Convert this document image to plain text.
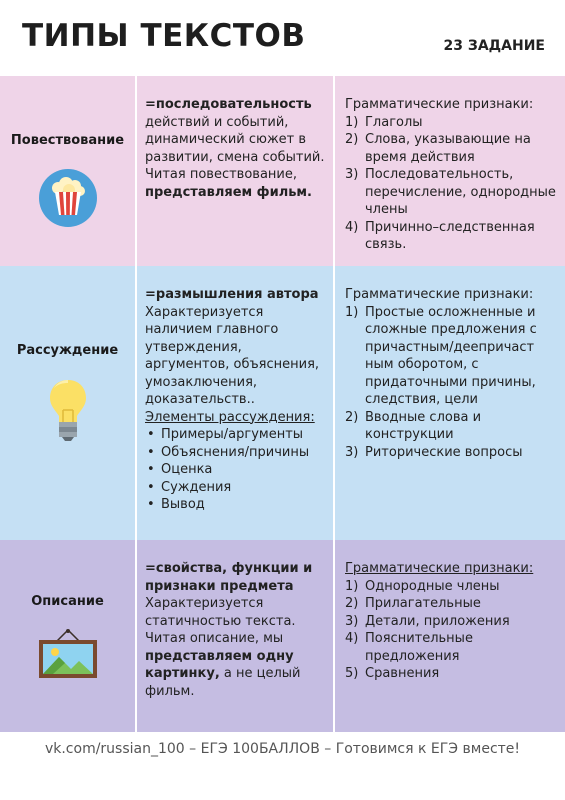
ТИПЫ ТЕКСТОВ	23 ЗАДАНИЕ
Повествование
=последовательность
действий и событий, динамический сюжет в развитии, смена событий. Читая повествование, представляем фильм.
Грамматические признаки:
1) Глаголы
2) Слова, указывающие на время действия
3) Последовательность, перечисление, однородные члены
4) Причинно–следственная связь.
Рассуждение
=размышления автора
Характеризуется наличием главного утверждения, аргументов, объяснения, умозаключения, доказательств..
Элементы рассуждения:
• Примеры/аргументы
• Объяснения/причины
• Оценка
• Суждения
• Вывод
Грамматические признаки:
1) Простые осложненные и сложные предложения с причастным/деепричаст ным оборотом, с придаточными причины, следствия, цели
2) Вводные слова и конструкции
3) Риторические вопросы
Описание
=свойства, функции и признаки предмета
Характеризуется статичностью текста. Читая описание, мы представляем одну картинку, а не целый фильм.
Грамматические признаки:
1) Однородные члены
2) Прилагательные
3) Детали, приложения
4) Пояснительные предложения
5) Сравнения
vk.com/russian_100 – ЕГЭ 100БАЛЛОВ – Готовимся к ЕГЭ вместе!
